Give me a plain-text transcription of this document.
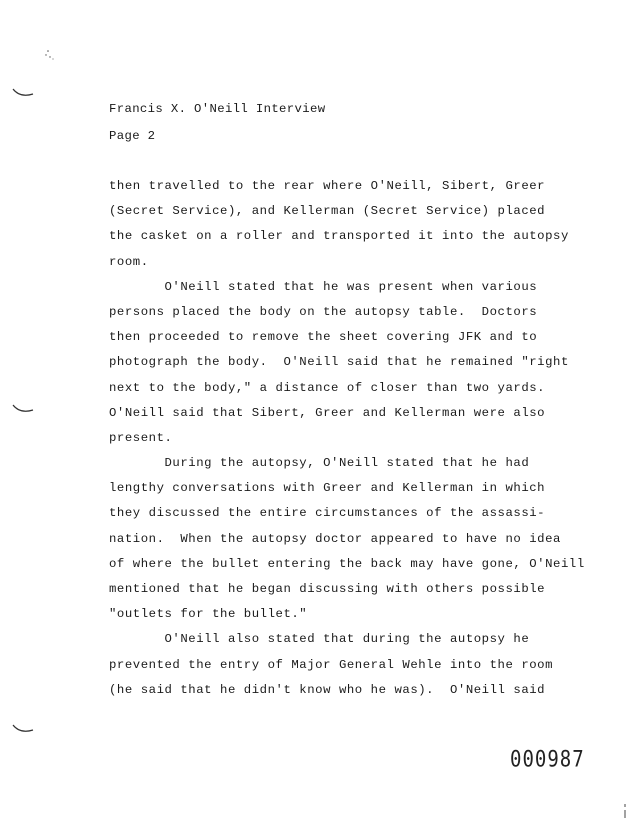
Francis X. O'Neill Interview
Page 2
then travelled to the rear where O'Neill, Sibert, Greer
(Secret Service), and Kellerman (Secret Service) placed
the casket on a roller and transported it into the autopsy
room.
O'Neill stated that he was present when various
persons placed the body on the autopsy table.  Doctors
then proceeded to remove the sheet covering JFK and to
photograph the body.  O'Neill said that he remained "right
next to the body," a distance of closer than two yards.
O'Neill said that Sibert, Greer and Kellerman were also
present.
During the autopsy, O'Neill stated that he had
lengthy conversations with Greer and Kellerman in which
they discussed the entire circumstances of the assassi-
nation.  When the autopsy doctor appeared to have no idea
of where the bullet entering the back may have gone, O'Neill
mentioned that he began discussing with others possible
"outlets for the bullet."
O'Neill also stated that during the autopsy he
prevented the entry of Major General Wehle into the room
(he said that he didn't know who he was).  O'Neill said
000987
